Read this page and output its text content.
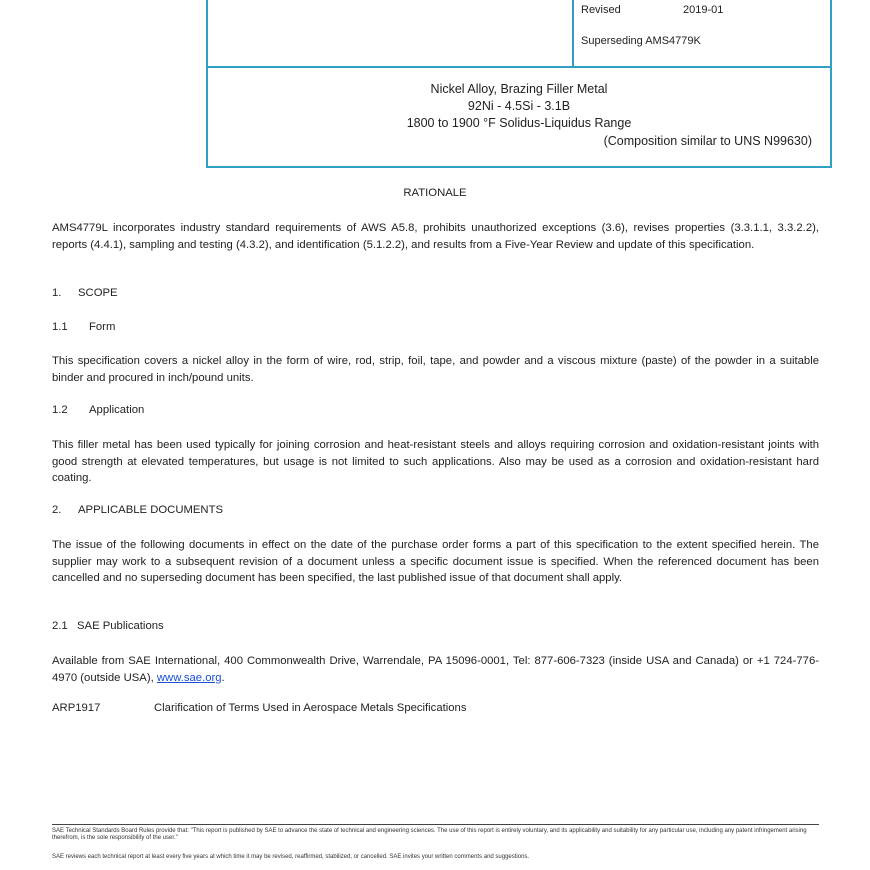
Revised	2019-01
Superseding AMS4779K
Nickel Alloy, Brazing Filler Metal
92Ni - 4.5Si - 3.1B
1800 to 1900 °F Solidus-Liquidus Range
(Composition similar to UNS N99630)
RATIONALE
AMS4779L incorporates industry standard requirements of AWS A5.8, prohibits unauthorized exceptions (3.6), revises properties (3.3.1.1, 3.3.2.2), reports (4.4.1), sampling and testing (4.3.2), and identification (5.1.2.2), and results from a Five-Year Review and update of this specification.
1. SCOPE
1.1 Form
This specification covers a nickel alloy in the form of wire, rod, strip, foil, tape, and powder and a viscous mixture (paste) of the powder in a suitable binder and procured in inch/pound units.
1.2 Application
This filler metal has been used typically for joining corrosion and heat-resistant steels and alloys requiring corrosion and oxidation-resistant joints with good strength at elevated temperatures, but usage is not limited to such applications. Also may be used as a corrosion and oxidation-resistant hard coating.
2. APPLICABLE DOCUMENTS
The issue of the following documents in effect on the date of the purchase order forms a part of this specification to the extent specified herein. The supplier may work to a subsequent revision of a document unless a specific document issue is specified. When the referenced document has been cancelled and no superseding document has been specified, the last published issue of that document shall apply.
2.1 SAE Publications
Available from SAE International, 400 Commonwealth Drive, Warrendale, PA 15096-0001, Tel: 877-606-7323 (inside USA and Canada) or +1 724-776-4970 (outside USA), www.sae.org.
ARP1917	Clarification of Terms Used in Aerospace Metals Specifications
SAE Technical Standards Board Rules provide that: "This report is published by SAE to advance the state of technical and engineering sciences. The use of this report is entirely voluntary, and its applicability and suitability for any particular use, including any patent infringement arising therefrom, is the sole responsibility of the user."
SAE reviews each technical report at least every five years at which time it may be revised, reaffirmed, stabilized, or cancelled. SAE invites your written comments and suggestions.
